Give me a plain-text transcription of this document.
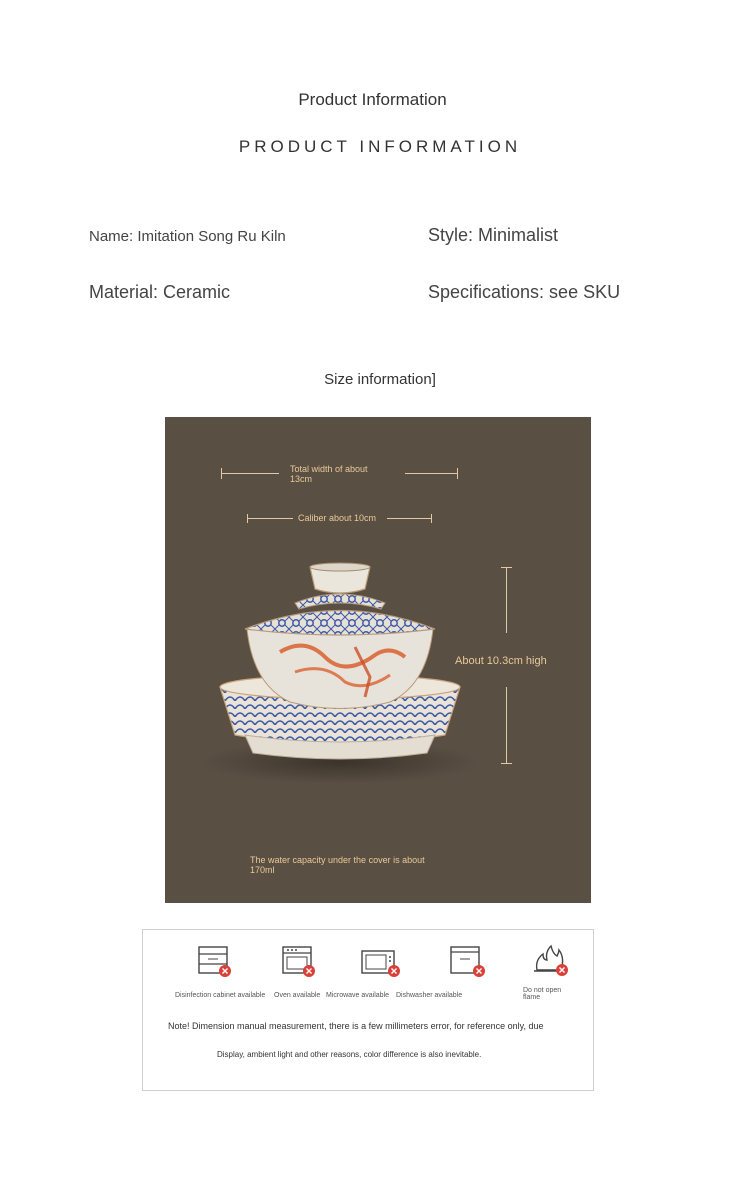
Product Information
PRODUCT INFORMATION
Name: Imitation Song Ru Kiln	Style: Minimalist
Material: Ceramic	Specifications: see SKU
Size information]
Total width of about 13cm
Caliber about 10cm
About 10.3cm high
The water capacity under the cover is about 170ml
Disinfection cabinet available Oven available Microwave available Dishwasher available
Do not open flame
Note! Dimension manual measurement, there is a few millimeters error, for reference only, due
Display, ambient light and other reasons, color difference is also inevitable.
